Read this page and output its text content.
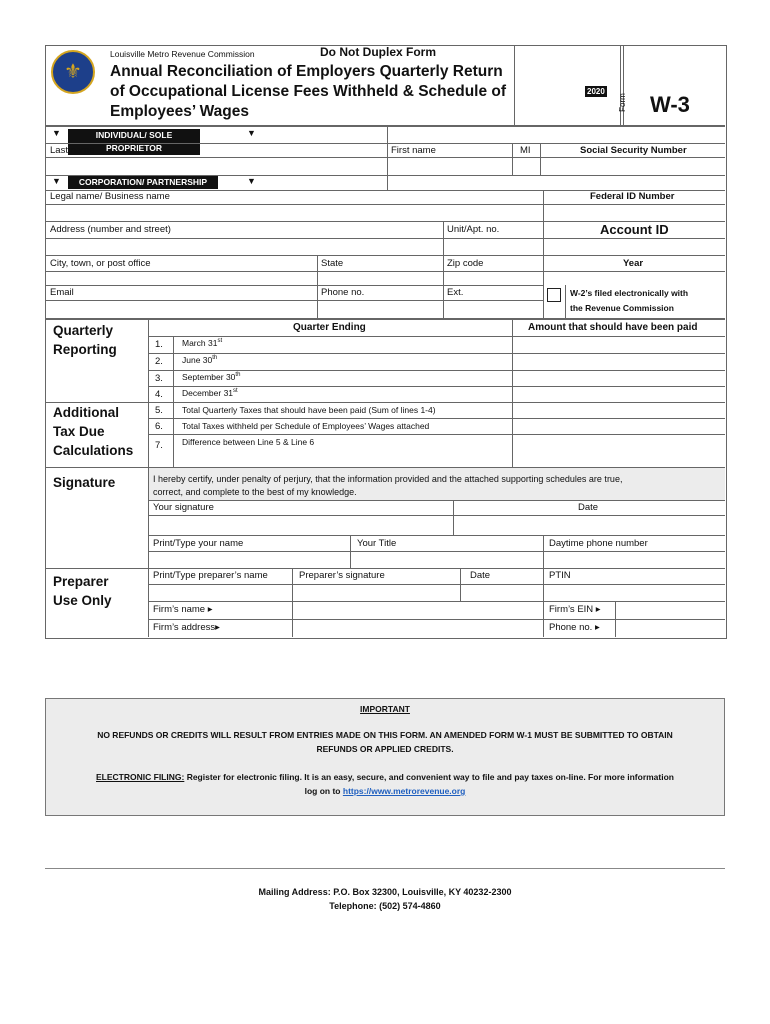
⚜
Louisville Metro Revenue Commission	Do Not Duplex Form
Annual Reconciliation of Employers Quarterly Return
of Occupational License Fees Withheld & Schedule of
Employees’ Wages
2020
Form W-3
▼	INDIVIDUAL/ SOLE PROPRIETOR
▼
Last name	First name	MI	Social Security Number
▼	CORPORATION/ PARTNERSHIP	▼
Legal name/ Business name	Federal ID Number
Address (number and street)	Unit/Apt. no.	Account ID
City, town, or post office	State	Zip code	Year
Email	Phone no.	Ext.	W-2’s filed electronically with
the Revenue Commission
Quarterly
Reporting
Quarter Ending	Amount that should have been paid
Additional
Tax Due
Calculations
1. March 31st
2. June 30th
3. September 30th
4. December 31st
5. Total Quarterly Taxes that should have been paid (Sum of lines 1-4)
6. Total Taxes withheld per Schedule of Employees’ Wages attached
7. Difference between Line 5 & Line 6
Signature	I hereby certify, under penalty of perjury, that the information provided and the attached supporting schedules are true,
correct, and complete to the best of my knowledge.
Your signature	Date
Print/Type your name	Your Title	Daytime phone number
Preparer
Use Only
Print/Type preparer’s name	Preparer’s signature	Date	PTIN
Firm’s name ▸	Firm’s EIN ▸
Firm’s address▸	Phone no. ▸
IMPORTANT
NO REFUNDS OR CREDITS WILL RESULT FROM ENTRIES MADE ON THIS FORM. AN AMENDED FORM W-1 MUST BE SUBMITTED TO OBTAIN
REFUNDS OR APPLIED CREDITS.
ELECTRONIC FILING: Register for electronic filing. It is an easy, secure, and convenient way to file and pay taxes on-line. For more information
log on to https://www.metrorevenue.org
Mailing Address: P.O. Box 32300, Louisville, KY 40232-2300
Telephone: (502) 574-4860
